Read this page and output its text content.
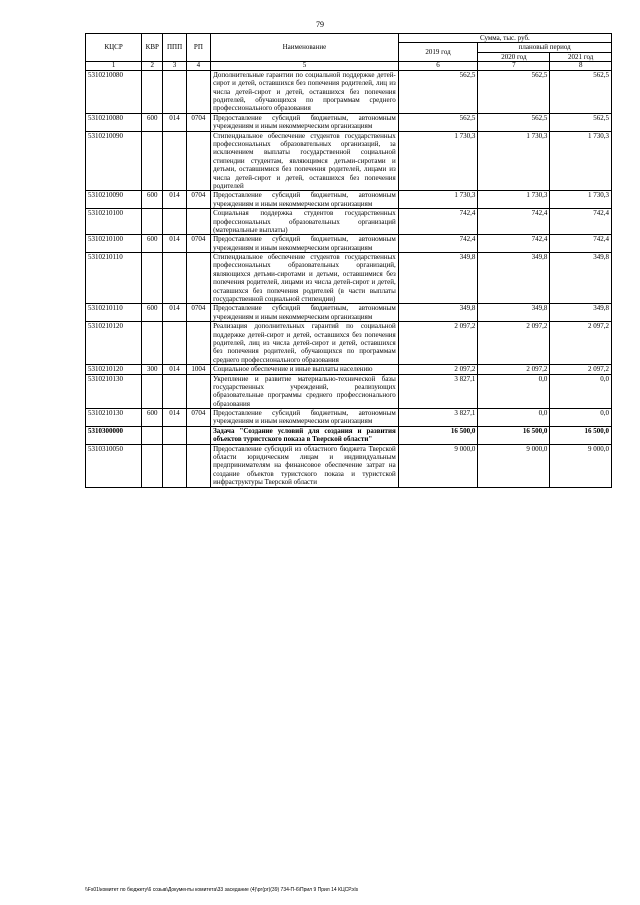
79
КЦСР	КВР	ППП	РП	Наименование	Сумма, тыс. руб.		
					2019 год	плановый период	
						2020 год	2021 год
1	2	3	4	5	6	7	8
5310210080				Дополнительные гарантии по социальной поддержке детей-сирот и детей, оставшихся без попечения родителей, лиц из числа детей-сирот и детей, оставшихся без попечения родителей, обучающихся по программам среднего профессионального образования	562,5	562,5	562,5
5310210080	600	014	0704	Предоставление субсидий бюджетным, автономным учреждениям и иным некоммерческим организациям	562,5	562,5	562,5
5310210090				Стипендиальное обеспечение студентов государственных профессиональных образовательных организаций, за исключением выплаты государственной социальной стипендии студентам, являющимся детьми-сиротами и детьми, оставшимися без попечения родителей, лицами из числа детей-сирот и детей, оставшихся без попечения родителей	1 730,3	1 730,3	1 730,3
5310210090	600	014	0704	Предоставление субсидий бюджетным, автономным учреждениям и иным некоммерческим организациям	1 730,3	1 730,3	1 730,3
5310210100				Социальная поддержка студентов государственных профессиональных образовательных организаций (материальные выплаты)	742,4	742,4	742,4
5310210100	600	014	0704	Предоставление субсидий бюджетным, автономным учреждениям и иным некоммерческим организациям	742,4	742,4	742,4
5310210110				Стипендиальное обеспечение студентов государственных профессиональных образовательных организаций, являющихся детьми-сиротами и детьми, оставшимися без попечения родителей, лицами из числа детей-сирот и детей, оставшихся без попечения родителей (в части выплаты государственной социальной стипендии)	349,8	349,8	349,8
5310210110	600	014	0704	Предоставление субсидий бюджетным, автономным учреждениям и иным некоммерческим организациям	349,8	349,8	349,8
5310210120				Реализация дополнительных гарантий по социальной поддержке детей-сирот и детей, оставшихся без попечения родителей, лиц из числа детей-сирот и детей, оставшихся без попечения родителей, обучающихся по программам среднего профессионального образования	2 097,2	2 097,2	2 097,2
5310210120	300	014	1004	Социальное обеспечение и иные выплаты населению	2 097,2	2 097,2	2 097,2
5310210130				Укрепление и развитие материально-технической базы государственных учреждений, реализующих образовательные программы среднего профессионального образования	3 827,1	0,0	0,0
5310210130	600	014	0704	Предоставление субсидий бюджетным, автономным учреждениям и иным некоммерческим организациям	3 827,1	0,0	0,0
5310300000				Задача "Создание условий для создания и развития объектов туристского показа в Тверской области"	16 500,0	16 500,0	16 500,0
5310310050				Предоставление субсидий из областного бюджета Тверской области юридическим лицам и индивидуальным предпринимателям на финансовое обеспечение затрат на создание объектов туристского показа и туристской инфраструктуры Тверской области	9 000,0	9 000,0	9 000,0
\\Fs01\комитет по бюджету\6 созыв\Документы комитета\33 заседание (4)\рг(рг)(39) 734-П-6\Прил 9 Прил 14 КЦСР.xls
